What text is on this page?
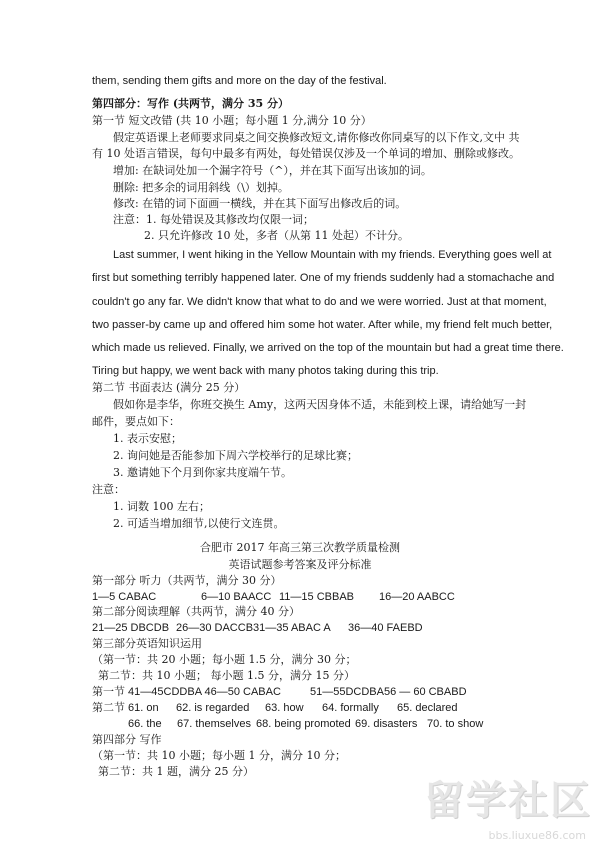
them, sending them gifts and more on the day of the festival.
第四部分：写作 (共两节，满分 35 分）
第一节 短文改错 (共 10 小题；每小题 1 分,满分 10 分）
假定英语课上老师要求同桌之间交换修改短文,请你修改你同桌写的以下作文,文中 共
有 10 处语言错误，每句中最多有两处，每处错误仅涉及一个单词的增加、删除或修改。
增加: 在缺词处加一个漏字符号（^），并在其下面写出该加的词。
删除: 把多余的词用斜线（\）划掉。
修改: 在错的词下面画一横线，并在其下面写出修改后的词。
注意：1. 每处错误及其修改均仅限一词；
2. 只允许修改 10 处，多者（从第 11 处起）不计分。
Last summer, I went hiking in the Yellow Mountain with my friends. Everything goes well at
first but something terribly happened later. One of my friends suddenly had a stomachache and
couldn't go any far. We didn't know that what to do and we were worried. Just at that moment,
two passer-by came up and offered him some hot water. After while, my friend felt much better,
which made us relieved. Finally, we arrived on the top of the mountain but had a great time there.
Tiring but happy, we went back with many photos taking during this trip.
第二节 书面表达 (满分 25 分）
假如你是李华，你班交换生 Amy，这两天因身体不适，未能到校上课，请给她写一封
邮件，要点如下：
1. 表示安慰；
2. 询问她是否能参加下周六学校举行的足球比赛；
3. 邀请她下个月到你家共度端午节。
注意：
1. 词数 100 左右；
2. 可适当增加细节,以使行文连贯。
合肥市 2017 年高三第三次教学质量检测
英语试题参考答案及评分标准
第一部分 听力（共两节，满分 30 分）
1—5 CABAC	6—10 BAACC 11—15 CBBAB 16—20 AABCC
第二部分阅读理解（共两节，满分 40 分）
21—25 DBCDB 26—30 DACCB31—35 ABAC A 36—40 FAEBD
第三部分英语知识运用
（第一节：共 20 小题；每小题 1.5 分，满分 30 分；
第二节：共 10 小题； 每小题 1.5 分，满分 15 分）
第一节 41—45CDDBA 46—50 CABAC	51—55DCDBA56 — 60 CBABD
第二节 61. on 62. is regarded 63. how 64. formally 65. declared
66. the 67. themselves 68. being promoted 69. disasters 70. to show
第四部分 写作
（第一节：共 10 小题；每小题 1 分，满分 10 分；
第二节：共 1 题，满分 25 分）
留学社区
bbs.liuxue86.com
